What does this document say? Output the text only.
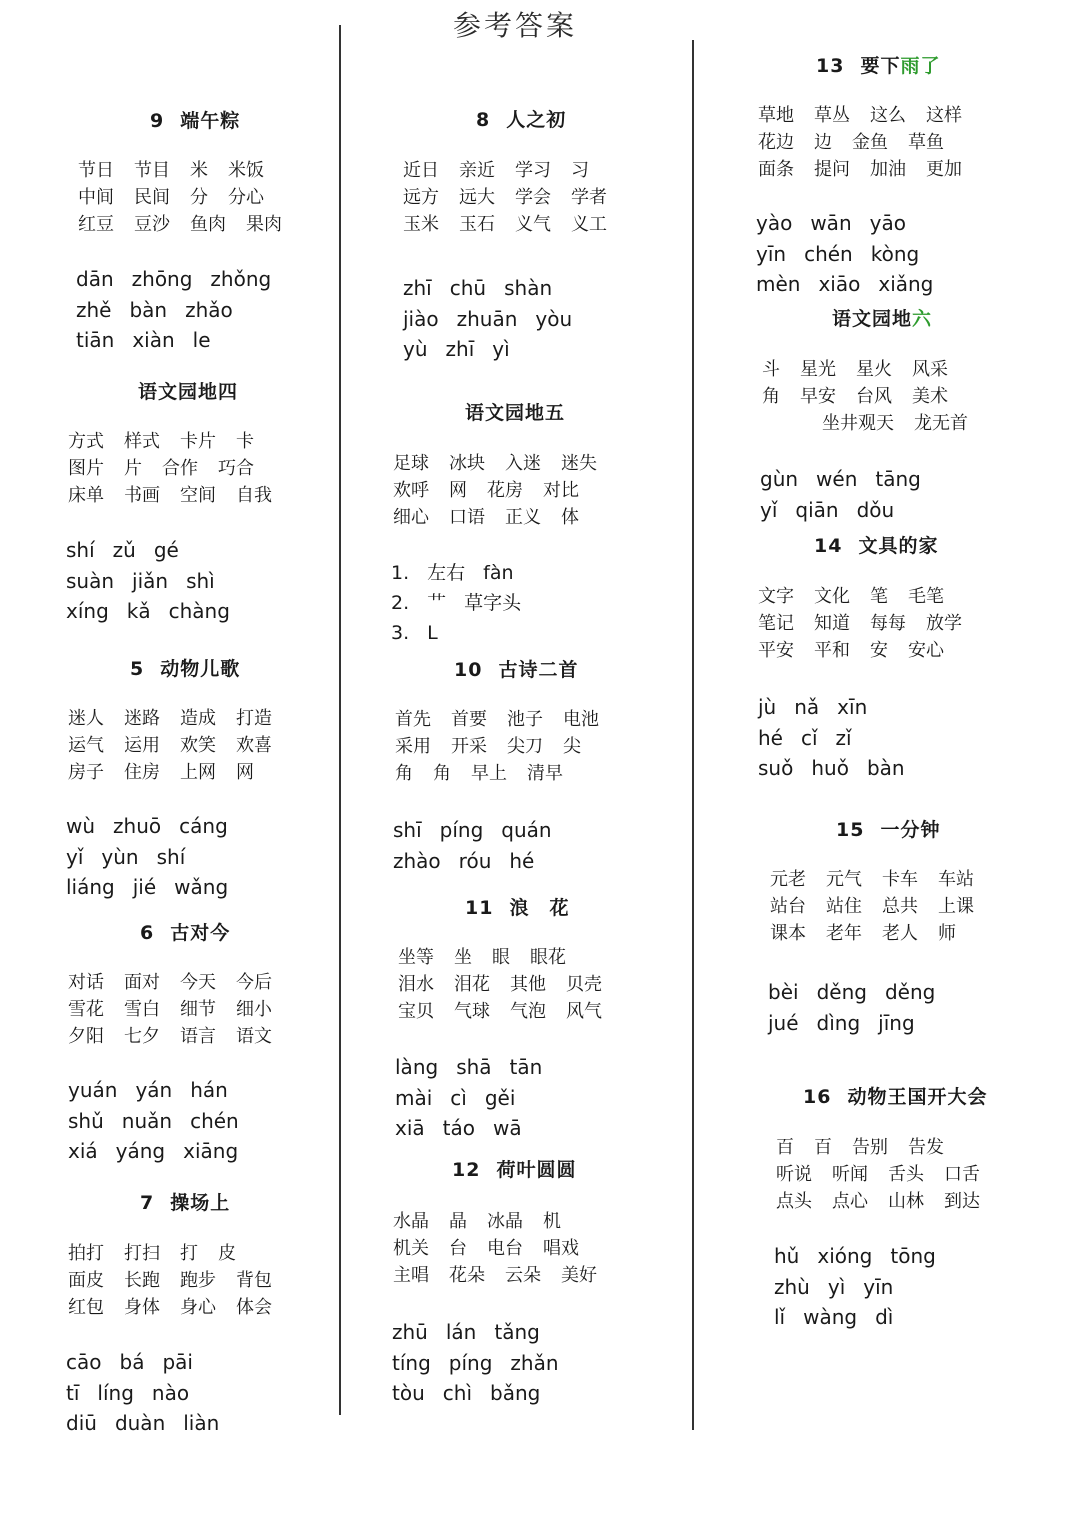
参考答案
9 端午粽
节日 节目 米 米饭
中间 民间 分 分心
红豆 豆沙 鱼肉 果肉
dān zhōng zhǒng
zhě bàn zhǎo
tiān xiàn le
语文园地四
方式 样式 卡片 卡
图片 片 合作 巧合
床单 书画 空间 自我
shí zǔ gé
suàn jiǎn shì
xíng kǎ chàng
5 动物儿歌
迷人 迷路 造成 打造
运气 运用 欢笑 欢喜
房子 住房 上网 网
wù zhuō cáng
yǐ yùn shí
liáng jié wǎng
6 古对今
对话 面对 今天 今后
雪花 雪白 细节 细小
夕阳 七夕 语言 语文
yuán yán hán
shǔ nuǎn chén
xiá yáng xiāng
7 操场上
拍打 打扫 打 皮
面皮 长跑 跑步 背包
红包 身体 身心 体会
cāo bá pāi
tī líng nào
diū duàn liàn
8 人之初
近日 亲近 学习 习
远方 远大 学会 学者
玉米 玉石 义气 义工
zhī chū shàn
jiào zhuān yòu
yù zhī yì
语文园地五
足球 冰块 入迷 迷失
欢呼 网 花房 对比
细心 口语 正义 体
1. 左右 fàn
2. 艹 草字头
3. L
10 古诗二首
首先 首要 池子 电池
采用 开采 尖刀 尖
角 角 早上 清早
shī píng quán
zhào róu hé
11 浪　花
坐等 坐 眼 眼花
泪水 泪花 其他 贝壳
宝贝 气球 气泡 风气
làng shā tān
mài cì gěi
xiā táo wā
12 荷叶圆圆
水晶 晶 冰晶 机
机关 台 电台 唱戏
主唱 花朵 云朵 美好
zhū lán tǎng
tíng píng zhǎn
tòu chì bǎng
13 要下雨了
草地 草丛 这么 这样
花边 边 金鱼 草鱼
面条 提问 加油 更加
yào wān yāo
yīn chén kòng
mèn xiāo xiǎng
语文园地六
斗 星光 星火 风采
角 早安 台风 美术
坐井观天 龙无首
gùn wén tāng
yǐ qiān dǒu
14 文具的家
文字 文化 笔 毛笔
笔记 知道 每每 放学
平安 平和 安 安心
jù nǎ xīn
hé cǐ zǐ
suǒ huǒ bàn
15 一分钟
元老 元气 卡车 车站
站台 站住 总共 上课
课本 老年 老人 师
bèi děng děng
jué dìng jīng
16 动物王国开大会
百 百 告别 告发
听说 听闻 舌头 口舌
点头 点心 山林 到达
hǔ xióng tōng
zhù yì yīn
lǐ wàng dì
